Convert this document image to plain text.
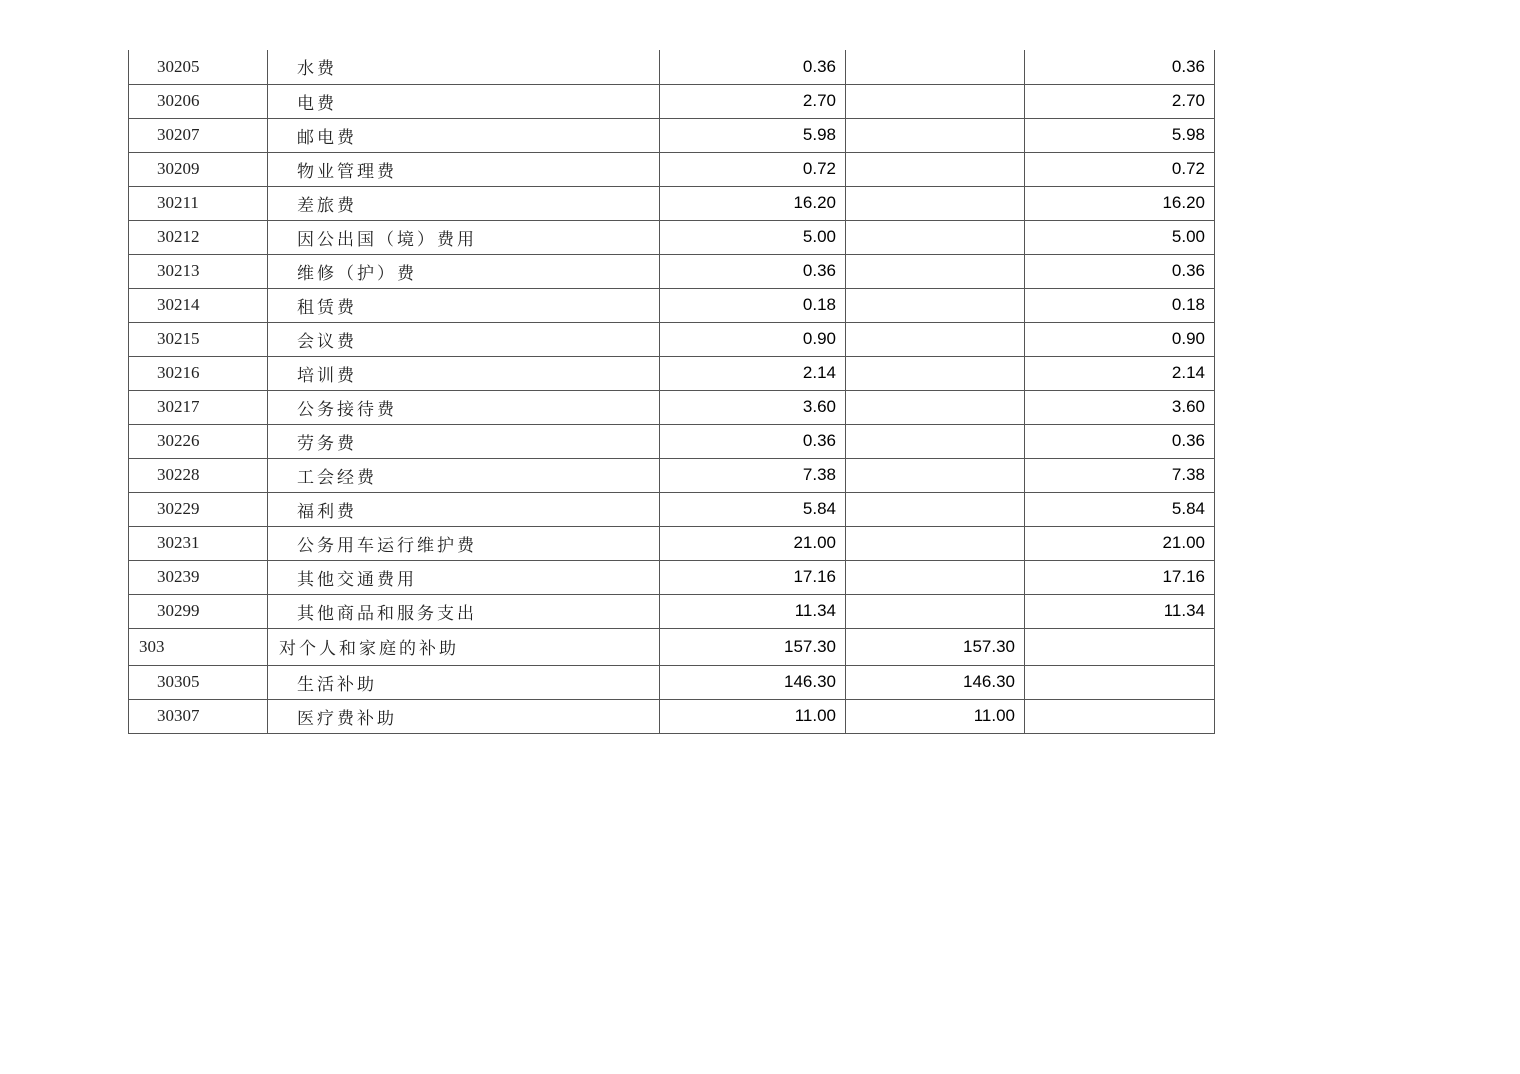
30205	水费	0.36		0.36
30206	电费	2.70		2.70
30207	邮电费	5.98		5.98
30209	物业管理费	0.72		0.72
30211	差旅费	16.20		16.20
30212	因公出国（境）费用	5.00		5.00
30213	维修（护）费	0.36		0.36
30214	租赁费	0.18		0.18
30215	会议费	0.90		0.90
30216	培训费	2.14		2.14
30217	公务接待费	3.60		3.60
30226	劳务费	0.36		0.36
30228	工会经费	7.38		7.38
30229	福利费	5.84		5.84
30231	公务用车运行维护费	21.00		21.00
30239	其他交通费用	17.16		17.16
30299	其他商品和服务支出	11.34		11.34
303	对个人和家庭的补助	157.30	157.30	
30305	生活补助	146.30	146.30	
30307	医疗费补助	11.00	11.00	
